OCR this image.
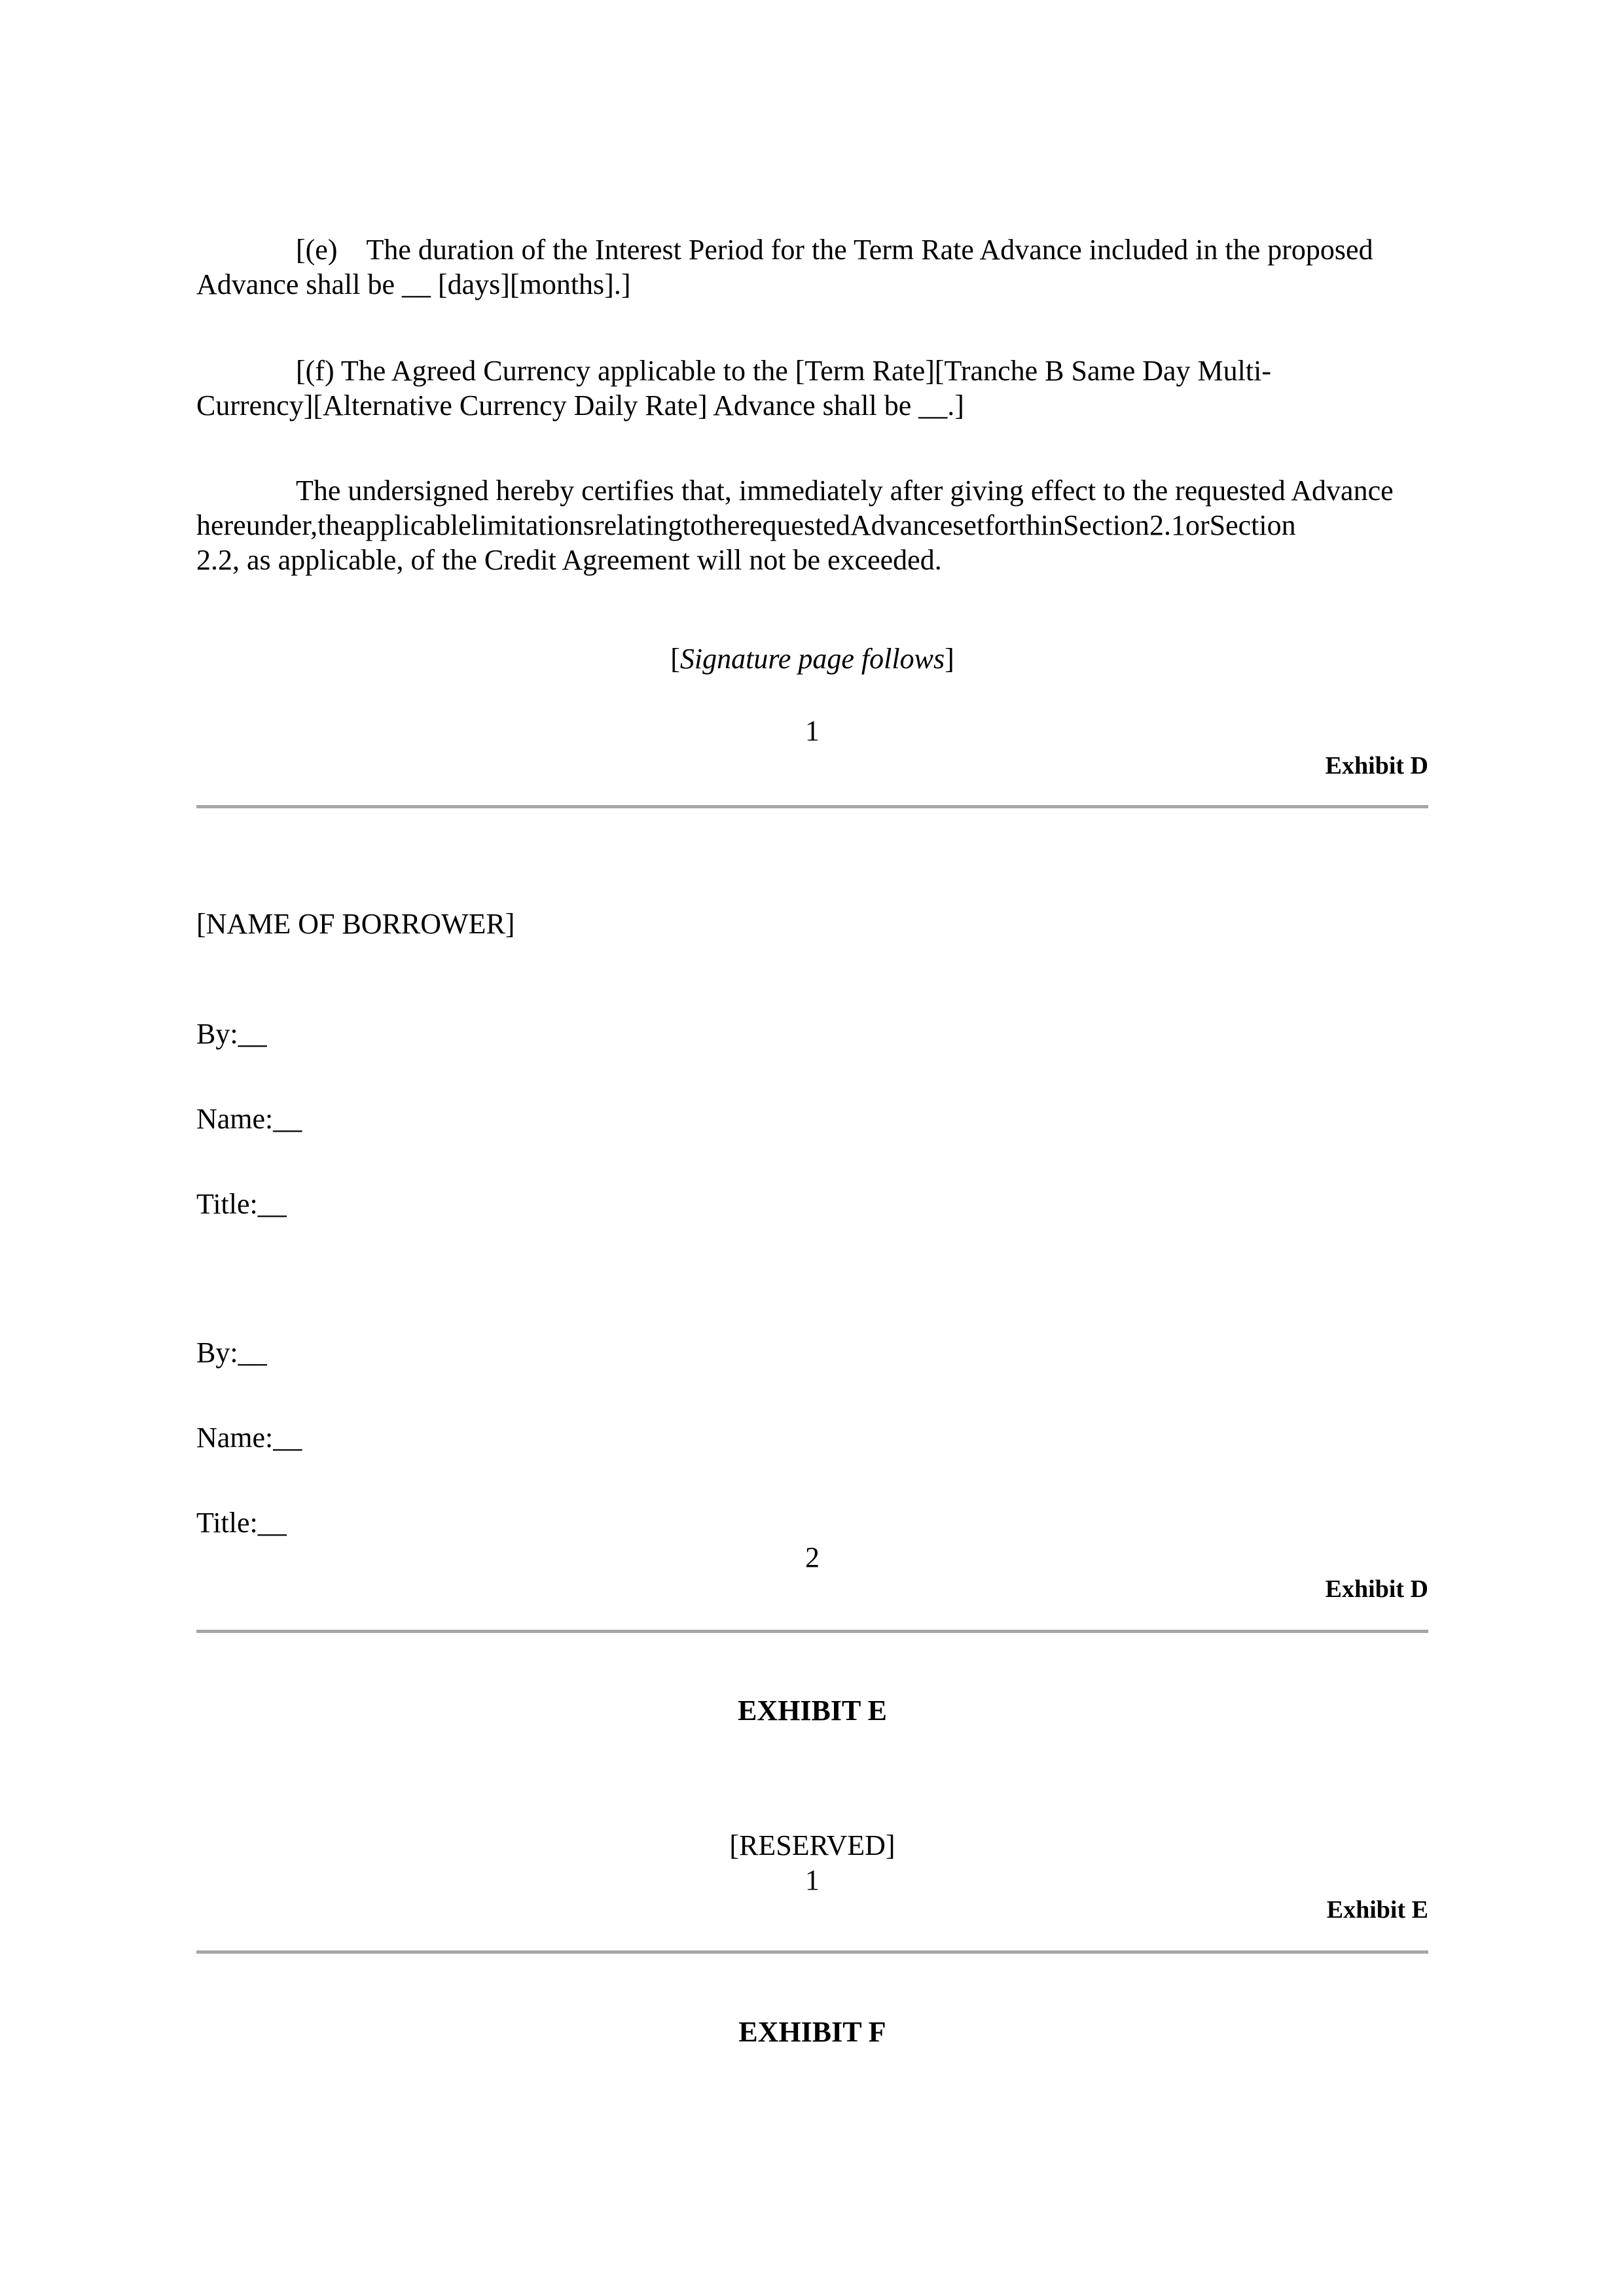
[(e)    The duration of the Interest Period for the Term Rate Advance included in the proposed
Advance shall be __ [days][months].]
[(f) The Agreed Currency applicable to the [Term Rate][Tranche B Same Day Multi-
Currency][Alternative Currency Daily Rate] Advance shall be __.]
The undersigned hereby certifies that, immediately after giving effect to the requested Advance
hereunder,theapplicablelimitationsrelatingtotherequestedAdvancesetforthinSection2.1orSection
2.2, as applicable, of the Credit Agreement will not be exceeded.
[Signature page follows]
1
Exhibit D
[NAME OF BORROWER]
By:__
Name:__
Title:__
By:__
Name:__
Title:__
2
Exhibit D
EXHIBIT E
[RESERVED]
1
Exhibit E
EXHIBIT F
